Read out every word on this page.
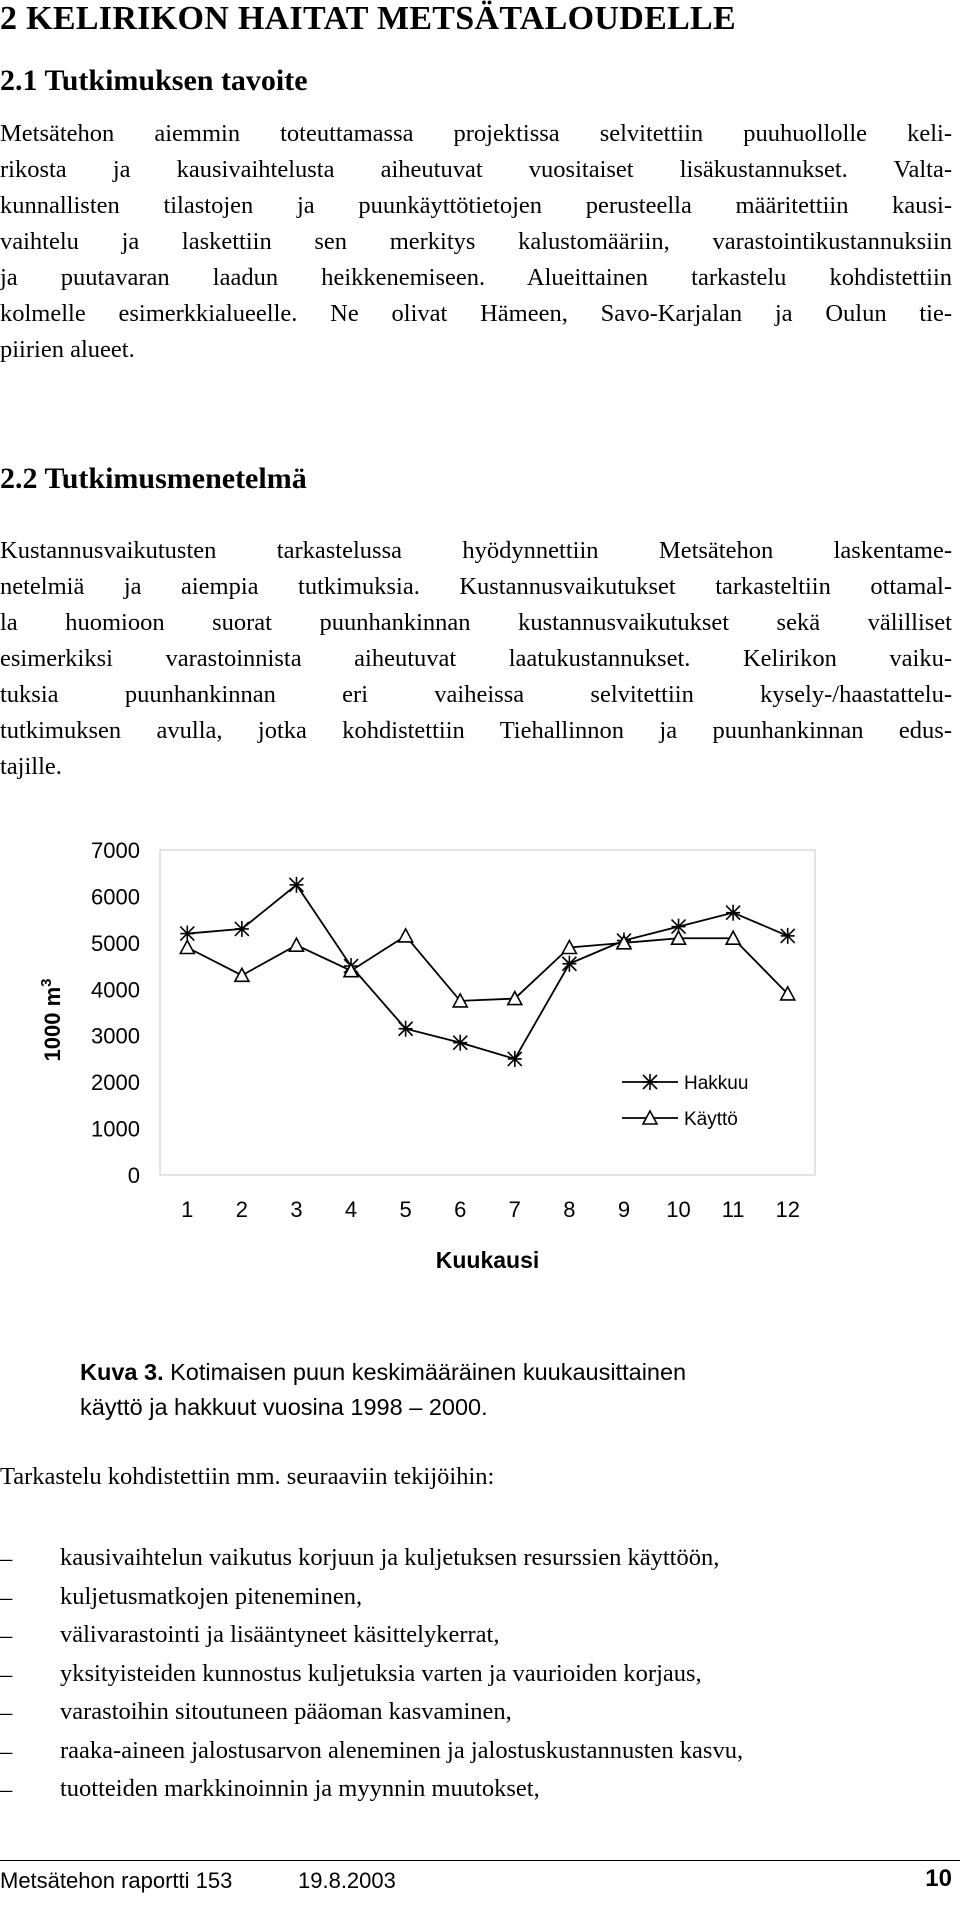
2 KELIRIKON HAITAT METSÄTALOUDELLE
2.1 Tutkimuksen tavoite
Metsätehon aiemmin toteuttamassa projektissa selvitettiin puuhuollolle keli-
rikosta ja kausivaihtelusta aiheutuvat vuositaiset lisäkustannukset. Valta-
kunnallisten tilastojen ja puunkäyttötietojen perusteella määritettiin kausi-
vaihtelu ja laskettiin sen merkitys kalustomääriin, varastointikustannuksiin
ja puutavaran laadun heikkenemiseen. Alueittainen tarkastelu kohdistettiin
kolmelle esimerkkialueelle. Ne olivat Hämeen, Savo-Karjalan ja Oulun tie-
piirien alueet.
2.2 Tutkimusmenetelmä
Kustannusvaikutusten tarkastelussa hyödynnettiin Metsätehon laskentame-
netelmiä ja aiempia tutkimuksia. Kustannusvaikutukset tarkasteltiin ottamal-
la huomioon suorat puunhankinnan kustannusvaikutukset sekä välilliset
esimerkiksi varastoinnista aiheutuvat laatukustannukset. Kelirikon vaiku-
tuksia puunhankinnan eri vaiheissa selvitettiin kysely-/haastattelu-
tutkimuksen avulla, jotka kohdistettiin Tiehallinnon ja puunhankinnan edus-
tajille.
1000 $m^3$
0
1000
2000
3000
4000
5000
6000
7000
1 2 3 4 5 6 7 8 9 10 11 12
Kuukausi
Hakkuu
Käyttö
Kuva 3. Kotimaisen puun keskimääräinen kuukausittainen
käyttö ja hakkuut vuosina 1998 – 2000.
Tarkastelu kohdistettiin mm. seuraaviin tekijöihin:
–	kausivaihtelun vaikutus korjuun ja kuljetuksen resurssien käyttöön,
–	kuljetusmatkojen piteneminen,
–	välivarastointi ja lisääntyneet käsittelykerrat,
–	yksityisteiden kunnostus kuljetuksia varten ja vaurioiden korjaus,
–	varastoihin sitoutuneen pääoman kasvaminen,
–	raaka-aineen jalostusarvon aleneminen ja jalostuskustannusten kasvu,
–	tuotteiden markkinoinnin ja myynnin muutokset,
Metsätehon raportti 153	19.8.2003	10
